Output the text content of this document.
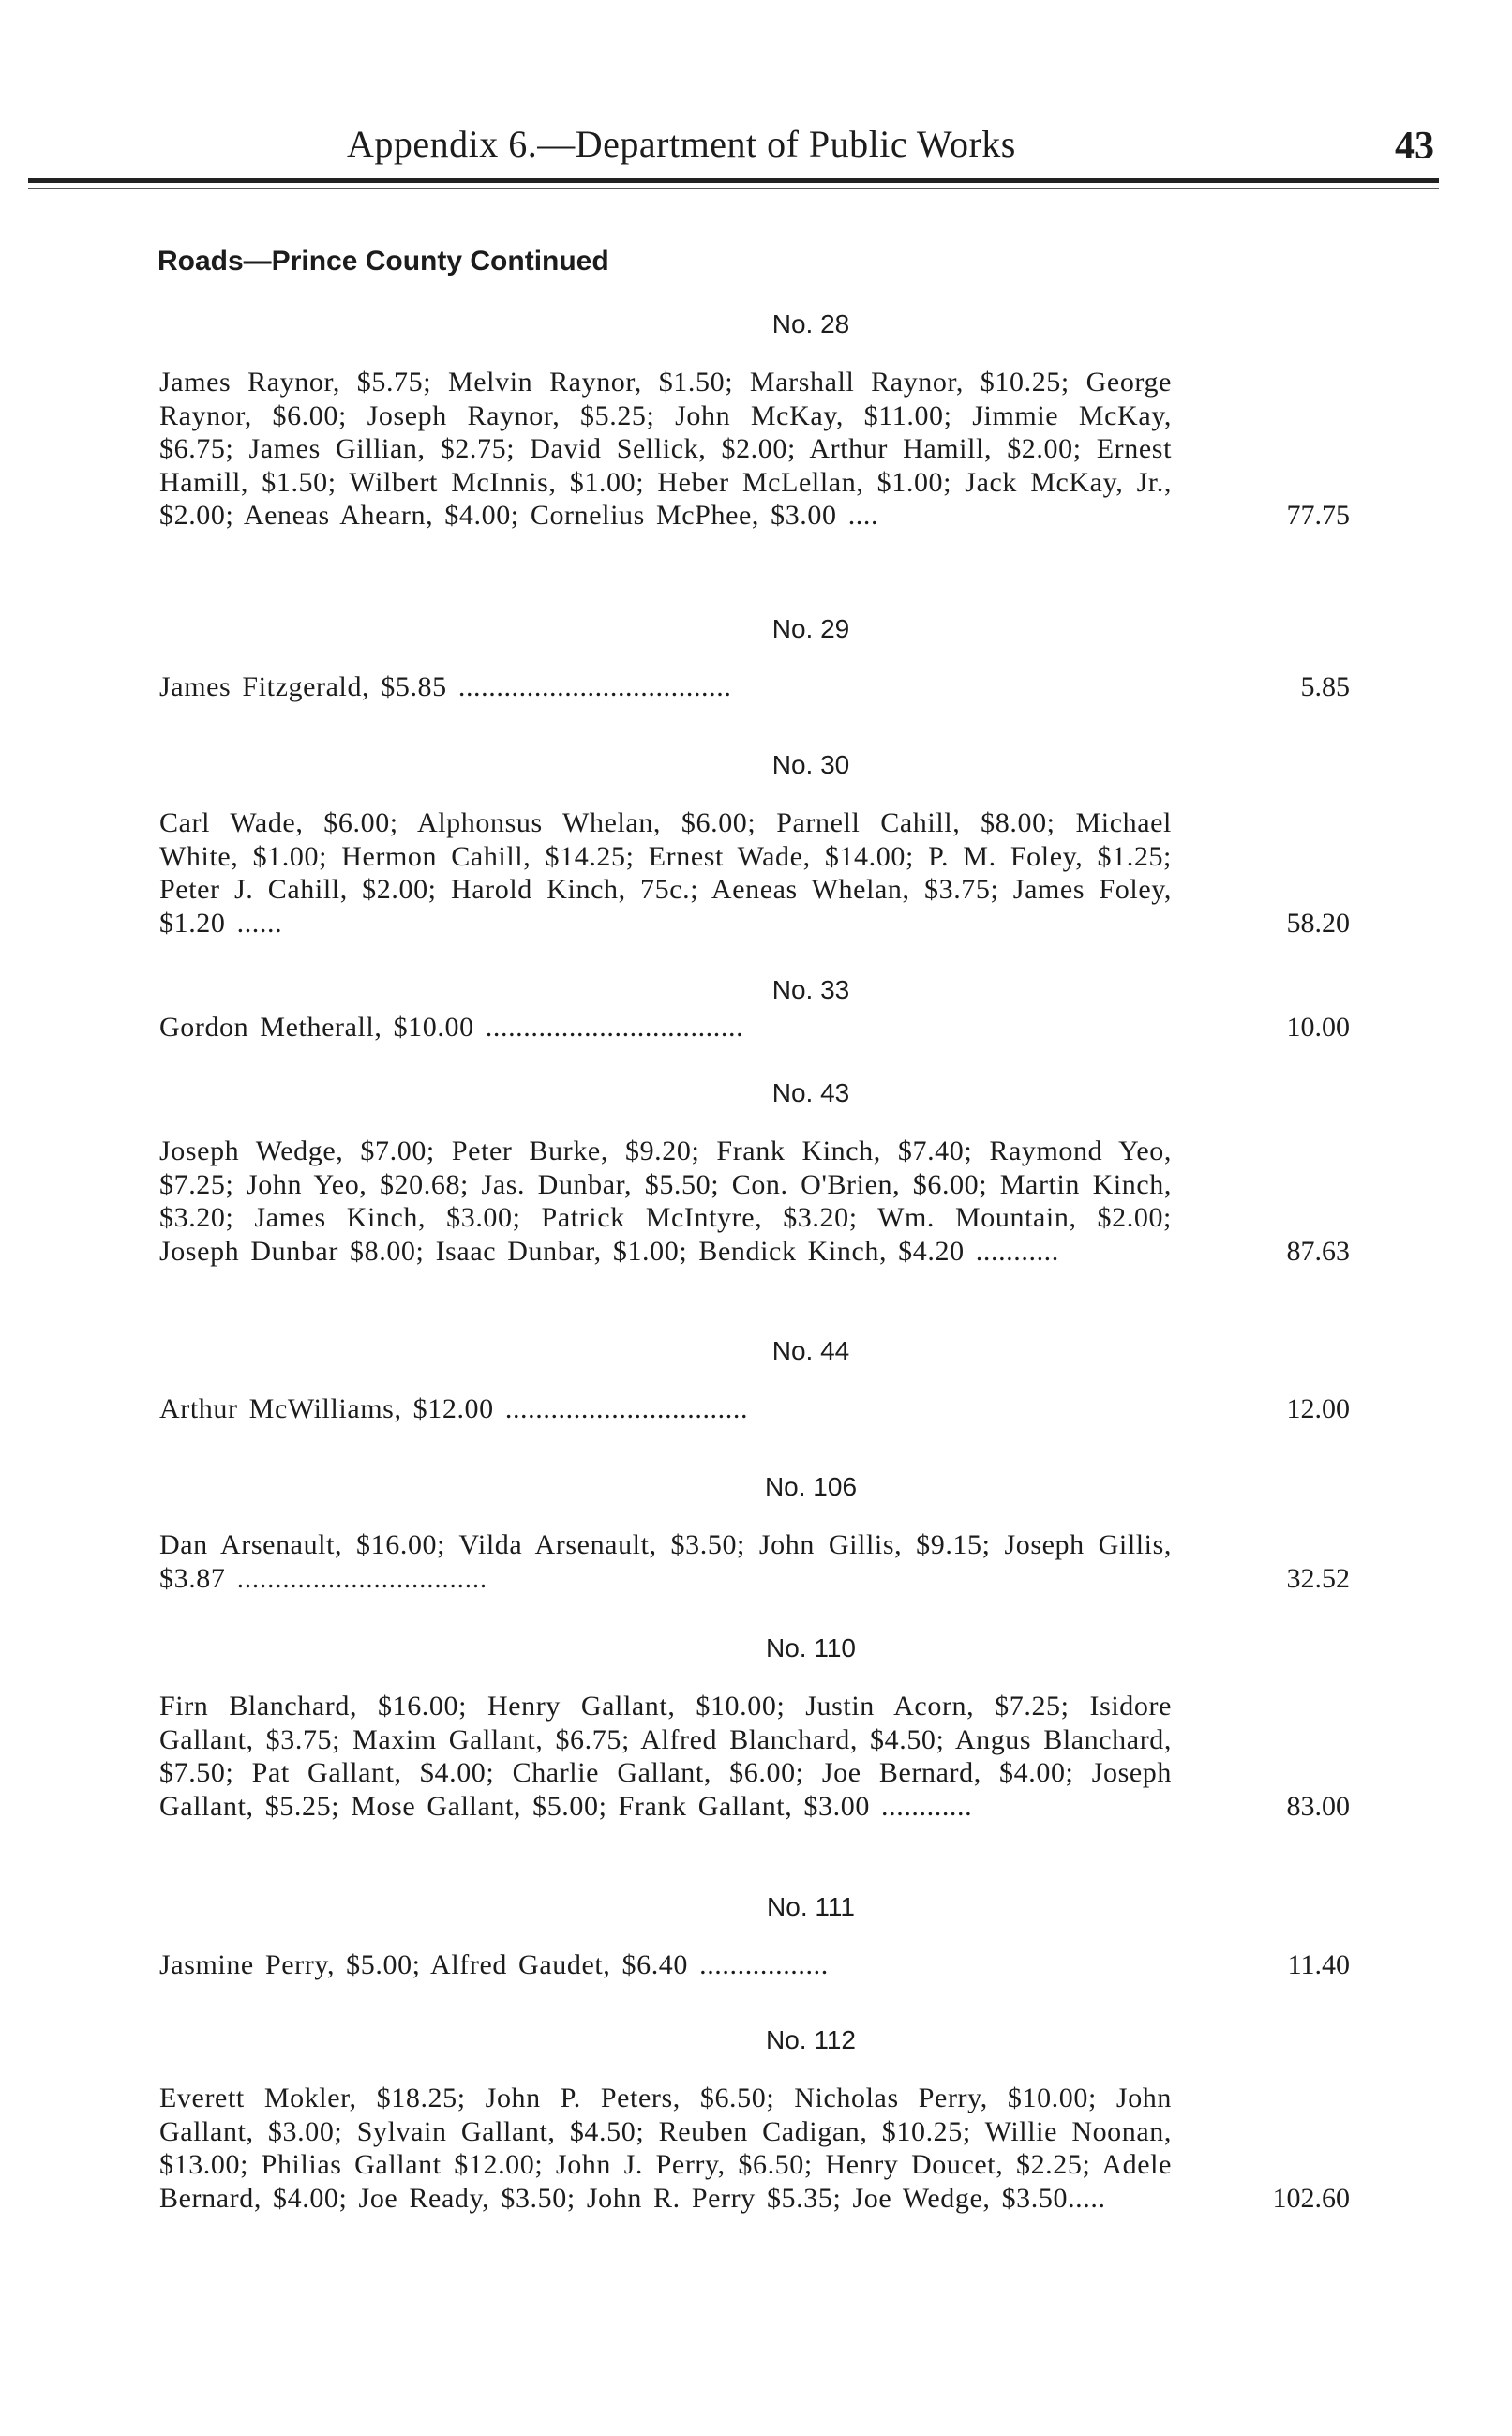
Appendix 6.—Department of Public Works	43
Roads—Prince County Continued
No. 28
James Raynor, $5.75; Melvin Raynor, $1.50; Marshall Raynor, $10.25; George Raynor, $6.00; Joseph Raynor, $5.25; John McKay, $11.00; Jimmie McKay, $6.75; James Gillian, $2.75; David Sellick, $2.00; Arthur Hamill, $2.00; Ernest Hamill, $1.50; Wilbert McInnis, $1.00; Heber McLellan, $1.00; Jack McKay, Jr., $2.00; Aeneas Ahearn, $4.00; Cornelius McPhee, $3.00 ....	77.75
No. 29
James Fitzgerald, $5.85 ....................................	5.85
No. 30
Carl Wade, $6.00; Alphonsus Whelan, $6.00; Parnell Cahill, $8.00; Michael White, $1.00; Hermon Cahill, $14.25; Ernest Wade, $14.00; P. M. Foley, $1.25; Peter J. Cahill, $2.00; Harold Kinch, 75c.; Aeneas Whelan, $3.75; James Foley, $1.20 ......	58.20
No. 33
Gordon Metherall, $10.00 ..................................	10.00
No. 43
Joseph Wedge, $7.00; Peter Burke, $9.20; Frank Kinch, $7.40; Raymond Yeo, $7.25; John Yeo, $20.68; Jas. Dunbar, $5.50; Con. O'Brien, $6.00; Martin Kinch, $3.20; James Kinch, $3.00; Patrick McIntyre, $3.20; Wm. Mountain, $2.00; Joseph Dunbar $8.00; Isaac Dunbar, $1.00; Bendick Kinch, $4.20 ...........	87.63
No. 44
Arthur McWilliams, $12.00 ................................	12.00
No. 106
Dan Arsenault, $16.00; Vilda Arsenault, $3.50; John Gillis, $9.15; Joseph Gillis, $3.87 .................................	32.52
No. 110
Firn Blanchard, $16.00; Henry Gallant, $10.00; Justin Acorn, $7.25; Isidore Gallant, $3.75; Maxim Gallant, $6.75; Alfred Blanchard, $4.50; Angus Blanchard, $7.50; Pat Gallant, $4.00; Charlie Gallant, $6.00; Joe Bernard, $4.00; Joseph Gallant, $5.25; Mose Gallant, $5.00; Frank Gallant, $3.00 ............	83.00
No. 111
Jasmine Perry, $5.00; Alfred Gaudet, $6.40 .................	11.40
No. 112
Everett Mokler, $18.25; John P. Peters, $6.50; Nicholas Perry, $10.00; John Gallant, $3.00; Sylvain Gallant, $4.50; Reuben Cadigan, $10.25; Willie Noonan, $13.00; Philias Gallant $12.00; John J. Perry, $6.50; Henry Doucet, $2.25; Adele Bernard, $4.00; Joe Ready, $3.50; John R. Perry $5.35; Joe Wedge, $3.50.....	102.60
